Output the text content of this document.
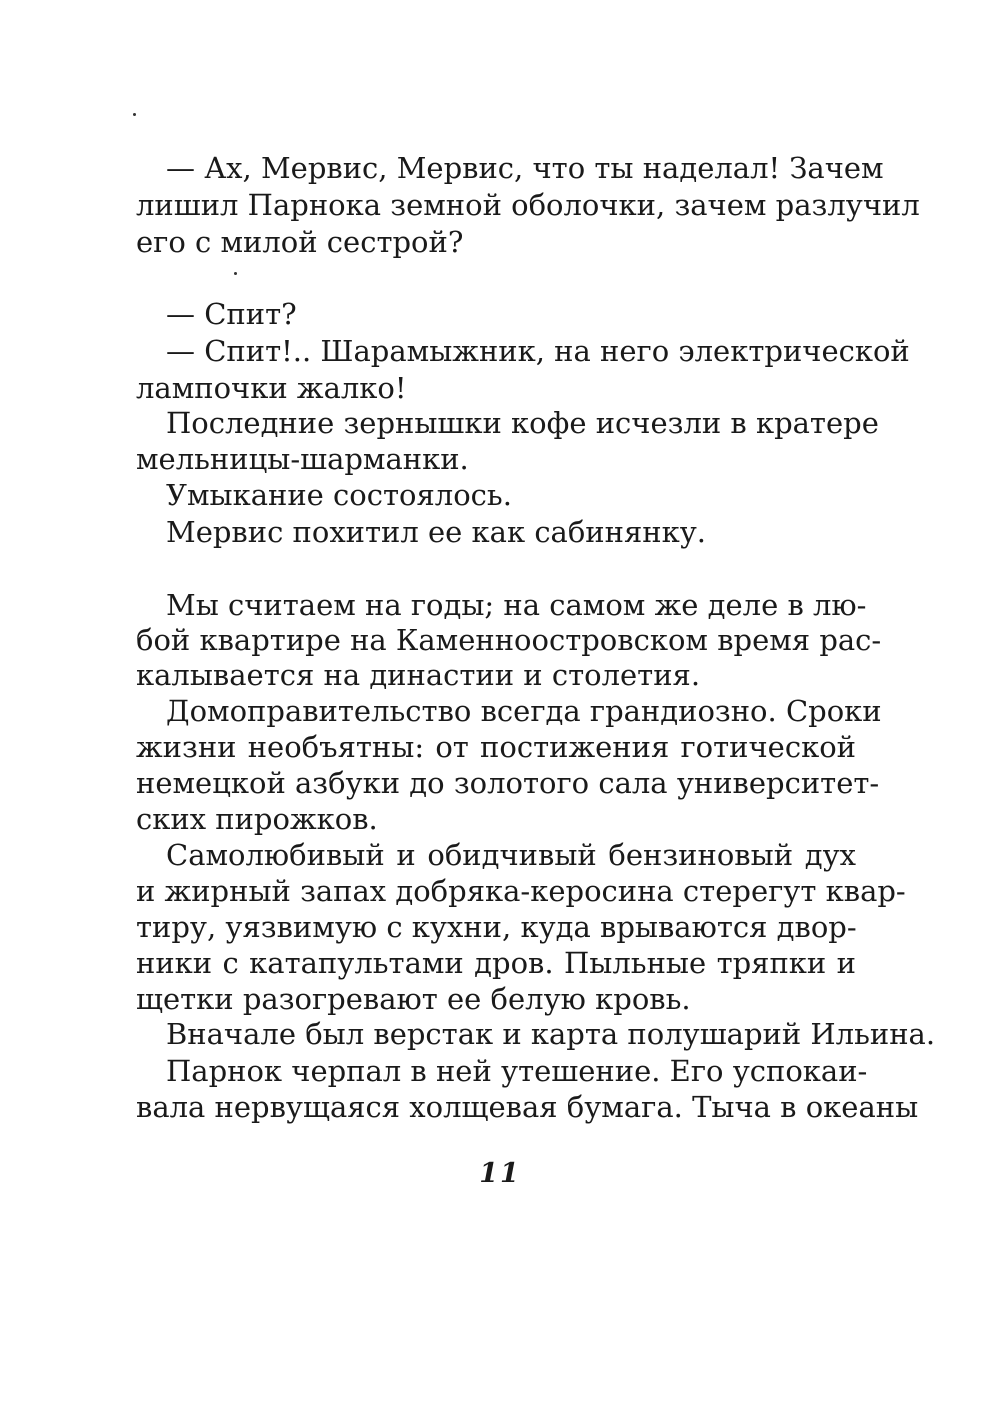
— Ах, Мервис, Мервис, что ты наделал! Зачем
лишил Парнока земной оболочки, зачем разлучил
его с милой сестрой?
— Спит?
— Спит!.. Шарамыжник, на него электрической
лампочки жалко!
Последние зернышки кофе исчезли в кратере
мельницы-шарманки.
Умыкание состоялось.
Мервис похитил ее как сабинянку.
Мы считаем на годы; на самом же деле в лю-
бой квартире на Каменноостровском время рас-
калывается на династии и столетия.
Домоправительство всегда грандиозно. Сроки
жизни необъятны: от постижения готической
немецкой азбуки до золотого сала университет-
ских пирожков.
Самолюбивый и обидчивый бензиновый дух
и жирный запах добряка-керосина стерегут квар-
тиру, уязвимую с кухни, куда врываются двор-
ники с катапультами дров. Пыльные тряпки и
щетки разогревают ее белую кровь.
Вначале был верстак и карта полушарий Ильина.
Парнок черпал в ней утешение. Его успокаи-
вала нервущаяся холщевая бумага. Тыча в океаны
11
